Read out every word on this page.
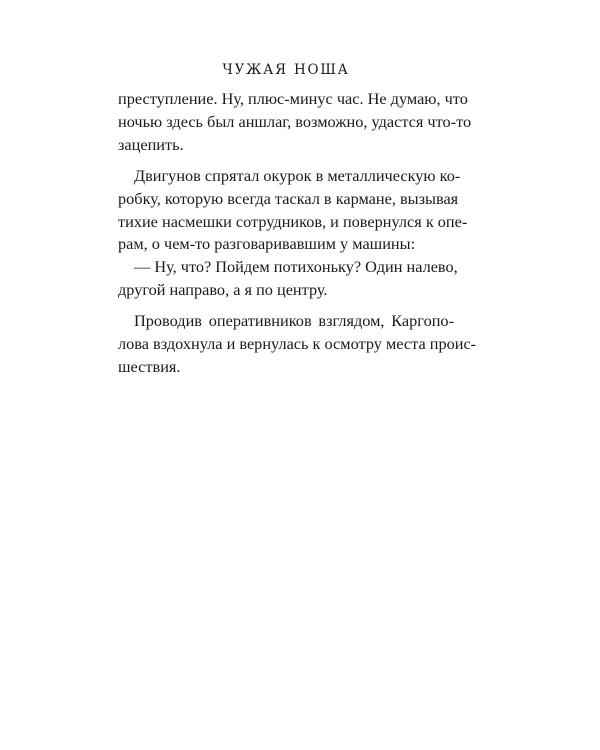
ЧУЖАЯ НОША
преступление. Ну, плюс-минус час. Не думаю, что
ночью здесь был аншлаг, возможно, удастся что-то
зацепить.
Двигунов спрятал окурок в металлическую ко-
робку, которую всегда таскал в кармане, вызывая
тихие насмешки сотрудников, и повернулся к опе-
рам, о чем-то разговаривавшим у машины:
— Ну, что? Пойдем потихоньку? Один налево,
другой направо, а я по центру.
Проводив оперативников взглядом, Каргопо-
лова вздохнула и вернулась к осмотру места проис-
шествия.
